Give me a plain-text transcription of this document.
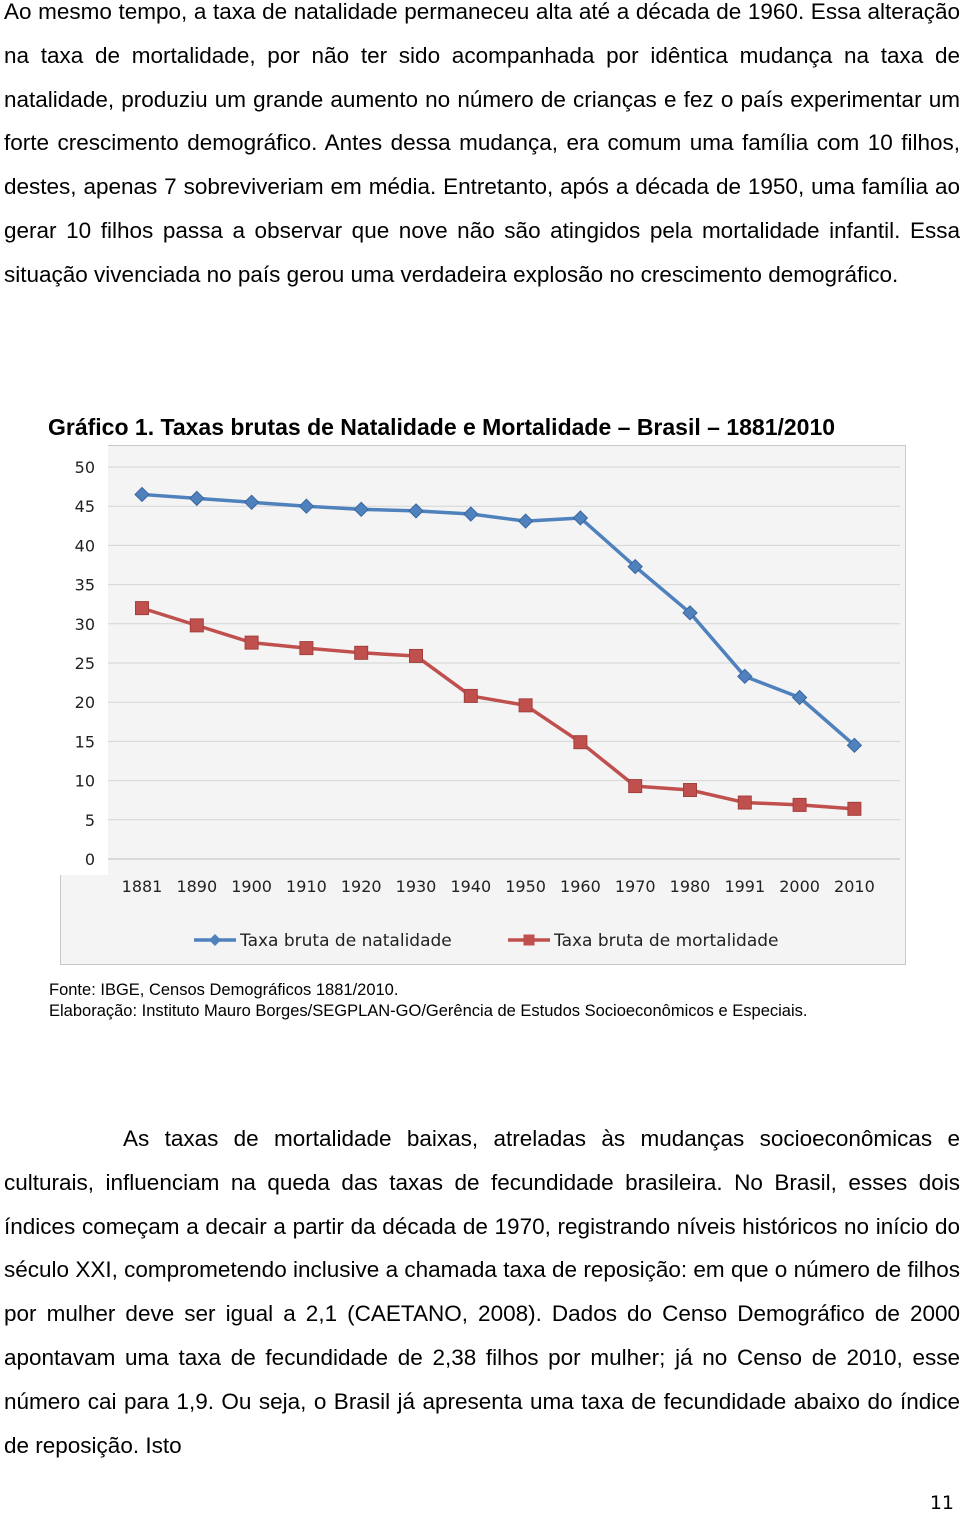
Ao mesmo tempo, a taxa de natalidade permaneceu alta até a década de 1960. Essa alteração na taxa de mortalidade, por não ter sido acompanhada por idêntica mudança na taxa de natalidade, produziu um grande aumento no número de crianças e fez o país experimentar um forte crescimento demográfico. Antes dessa mudança, era comum uma família com 10 filhos, destes, apenas 7 sobreviveriam em média. Entretanto, após a década de 1950, uma família ao gerar 10 filhos passa a observar que nove não são atingidos pela mortalidade infantil. Essa situação vivenciada no país gerou uma verdadeira explosão no crescimento demográfico.

Gráfico 1. Taxas brutas de Natalidade e Mortalidade – Brasil – 1881/2010

0
5
10
15
20
25
30
35
40
45
50
1881 1890 1900 1910 1920 1930 1940 1950 1960 1970 1980 1991 2000 2010
Taxa bruta de natalidade	Taxa bruta de mortalidade

Fonte: IBGE, Censos Demográficos 1881/2010.

Elaboração: Instituto Mauro Borges/SEGPLAN-GO/Gerência de Estudos Socioeconômicos e Especiais.

As taxas de mortalidade baixas, atreladas às mudanças socioeconômicas e culturais, influenciam na queda das taxas de fecundidade brasileira. No Brasil, esses dois índices começam a decair a partir da década de 1970, registrando níveis históricos no início do século XXI, comprometendo inclusive a chamada taxa de reposição: em que o número de filhos por mulher deve ser igual a 2,1 (CAETANO, 2008). Dados do Censo Demográfico de 2000 apontavam uma taxa de fecundidade de 2,38 filhos por mulher; já no Censo de 2010, esse número cai para 1,9. Ou seja, o Brasil já apresenta uma taxa de fecundidade abaixo do índice de reposição. Isto

11
